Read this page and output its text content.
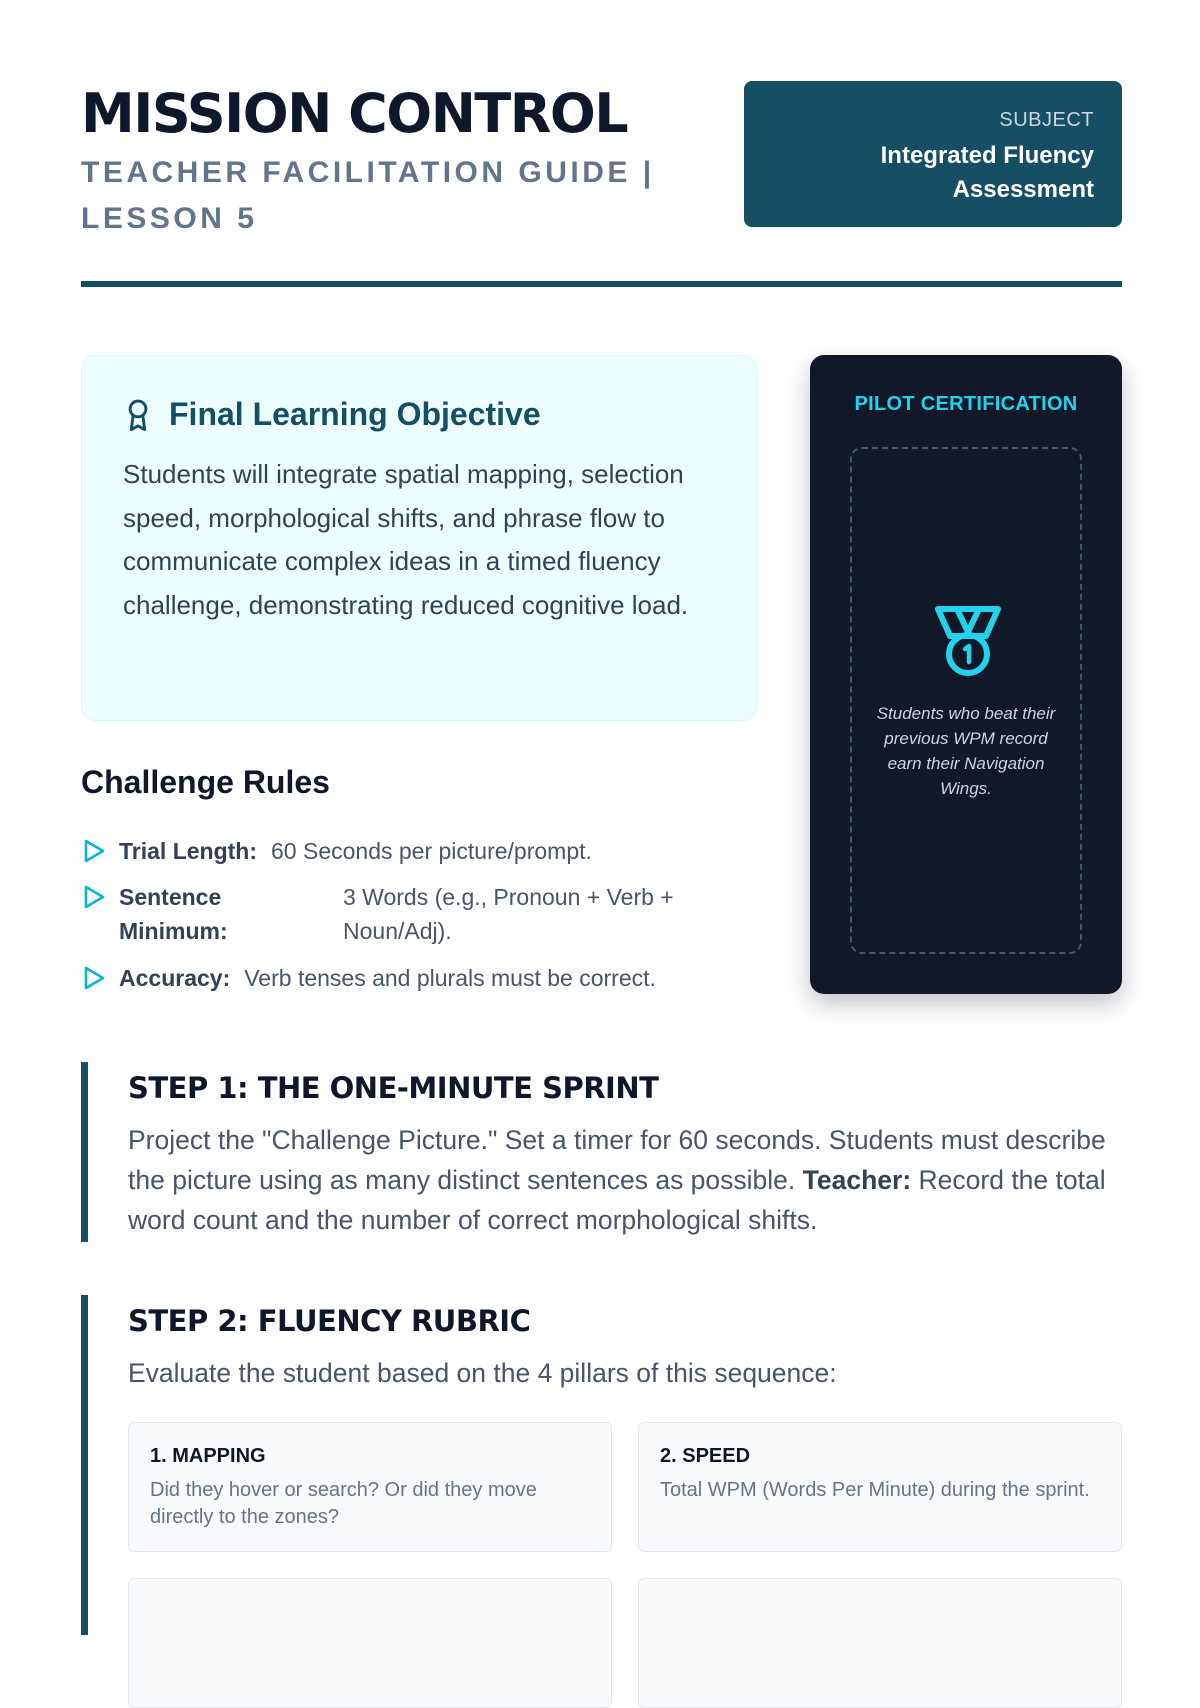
MISSION CONTROL
TEACHER FACILITATION GUIDE | LESSON 5
SUBJECT
Integrated Fluency Assessment
Final Learning Objective

Students will integrate spatial mapping, selection speed, morphological shifts, and phrase flow to communicate complex ideas in a timed fluency challenge, demonstrating reduced cognitive load.

PILOT CERTIFICATION
Students who beat their previous WPM record earn their Navigation Wings.
Challenge Rules
Trial Length: 60 Seconds per picture/prompt.
Sentence Minimum:
3 Words (e.g., Pronoun + Verb + Noun/Adj).
Accuracy: Verb tenses and plurals must be correct.
STEP 1: THE ONE-MINUTE SPRINT

Project the "Challenge Picture." Set a timer for 60 seconds. Students must describe the picture using as many distinct sentences as possible. Teacher: Record the total word count and the number of correct morphological shifts.

STEP 2: FLUENCY RUBRIC

Evaluate the student based on the 4 pillars of this sequence:

1. MAPPING
Did they hover or search? Or did they move directly to the zones?
2. SPEED
Total WPM (Words Per Minute) during the sprint.
